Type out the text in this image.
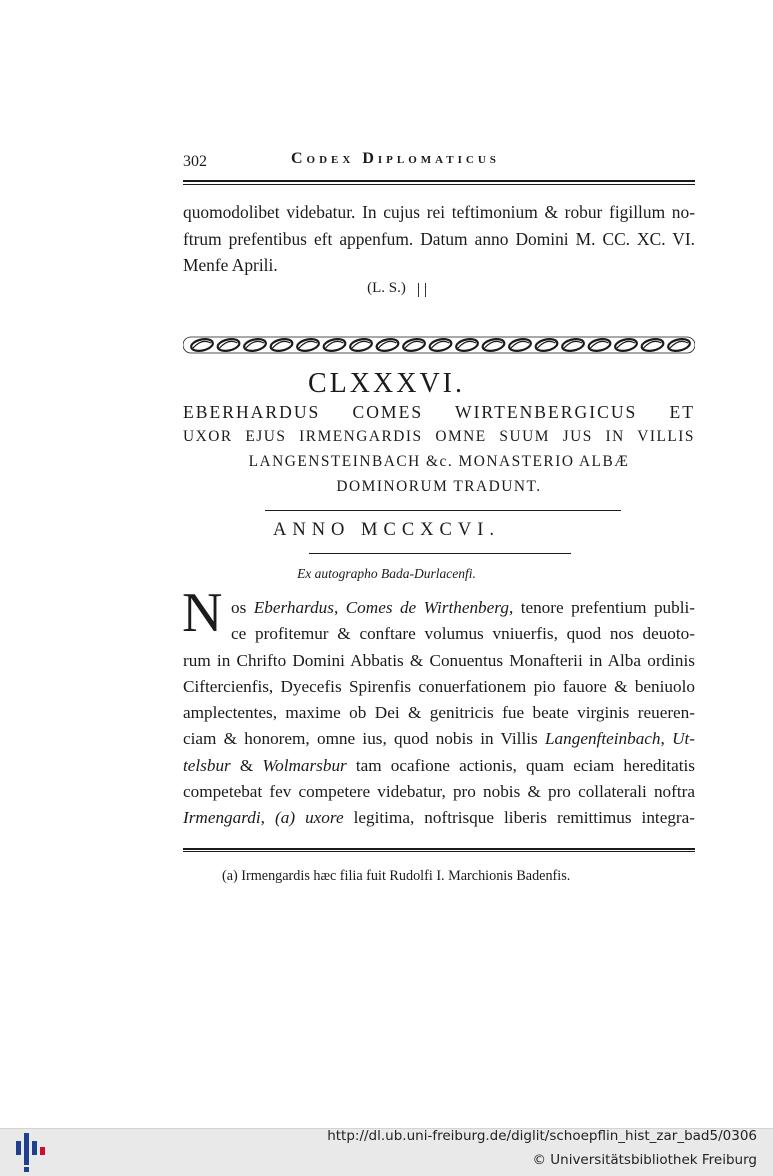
302	Codex Diplomaticus
quomodolibet videbatur. In cujus rei teftimonium & robur figillum no-
ftrum prefentibus eft appenfum. Datum anno Domini M. CC. XC. VI.
Menfe Aprili.
(L. S.)
CLXXXVI.
EBERHARDUS COMES WIRTENBERGICUS ET
UXOR EJUS IRMENGARDIS OMNE SUUM JUS IN VILLIS
LANGENSTEINBACH &c. MONASTERIO ALBÆ
DOMINORUM TRADUNT.
ANNO MCCXCVI.
Ex autographo Bada-Durlacenfi.
N os Eberhardus, Comes de Wirthenberg, tenore prefentium publi-
ce profitemur & conftare volumus vniuerfis, quod nos deuoto-
rum in Chrifto Domini Abbatis & Conuentus Monafterii in Alba ordinis
Ciftercienfis, Dyecefis Spirenfis conuerfationem pio fauore & beniuolo
amplectentes, maxime ob Dei & genitricis fue beate virginis reueren-
ciam & honorem, omne ius, quod nobis in Villis Langenfteinbach, Ut-
telsbur & Wolmarsbur tam ocafione actionis, quam eciam hereditatis
competebat fev competere videbatur, pro nobis & pro collaterali noftra
Irmengardi, (a) uxore legitima, noftrisque liberis remittimus integra-
(a) Irmengardis hæc filia fuit Rudolfi I. Marchionis Badenfis.
http://dl.ub.uni-freiburg.de/diglit/schoepflin_hist_zar_bad5/0306
© Universitätsbibliothek Freiburg
